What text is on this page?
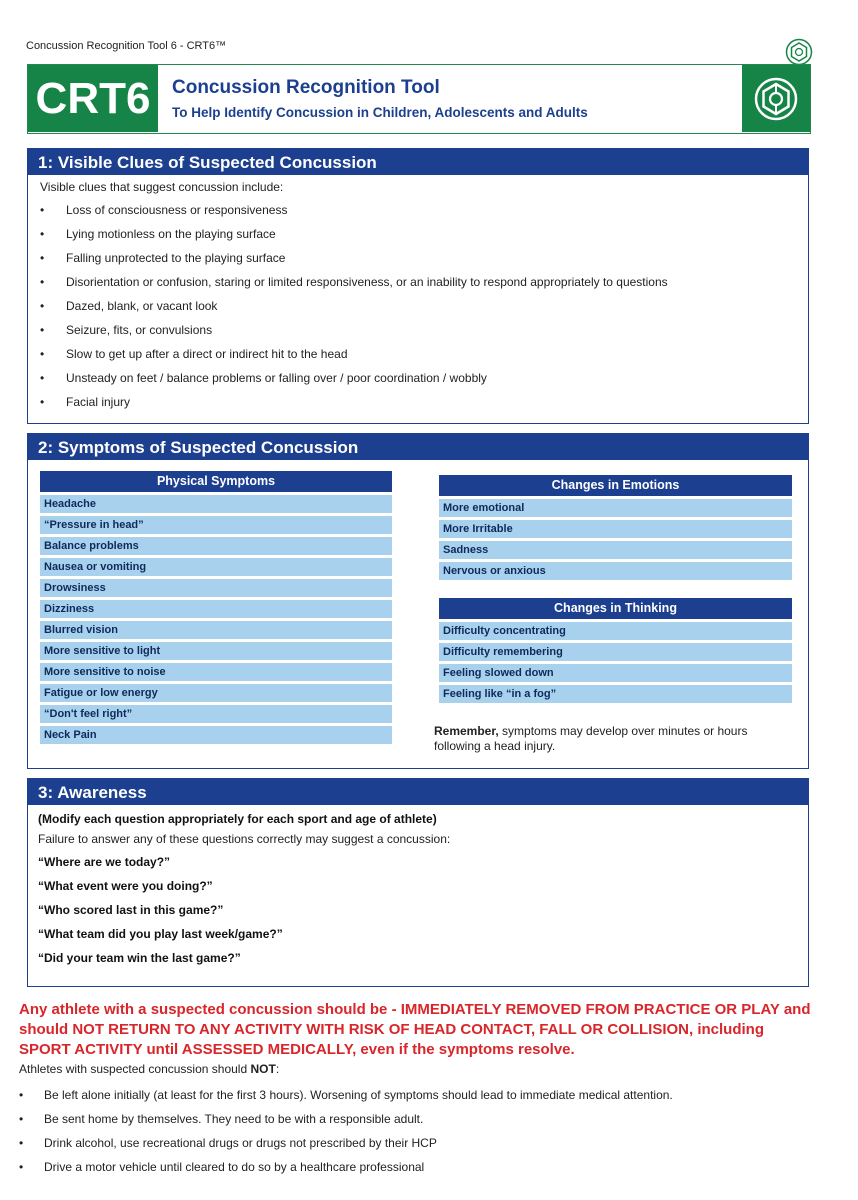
Concussion Recognition Tool 6 - CRT6™
CRT6	Concussion Recognition Tool
To Help Identify Concussion in Children, Adolescents and Adults
1: Visible Clues of Suspected Concussion
Visible clues that suggest concussion include:
• Loss of consciousness or responsiveness
• Lying motionless on the playing surface
• Falling unprotected to the playing surface
• Disorientation or confusion, staring or limited responsiveness, or an inability to respond appropriately to questions
• Dazed, blank, or vacant look
• Seizure, fits, or convulsions
• Slow to get up after a direct or indirect hit to the head
• Unsteady on feet / balance problems or falling over / poor coordination / wobbly
• Facial injury
2: Symptoms of Suspected Concussion
Physical Symptoms
Headache
“Pressure in head”
Balance problems
Nausea or vomiting
Drowsiness
Dizziness
Blurred vision
More sensitive to light
More sensitive to noise
Fatigue or low energy
“Don't feel right”
Neck Pain
Changes in Emotions
More emotional
More Irritable
Sadness
Nervous or anxious
Changes in Thinking
Difficulty concentrating
Difficulty remembering
Feeling slowed down
Feeling like “in a fog”
Remember, symptoms may develop over minutes or hours following a head injury.
3: Awareness
(Modify each question appropriately for each sport and age of athlete)
Failure to answer any of these questions correctly may suggest a concussion:
“Where are we today?”
“What event were you doing?”
“Who scored last in this game?”
“What team did you play last week/game?”
“Did your team win the last game?”
Any athlete with a suspected concussion should be - IMMEDIATELY REMOVED FROM PRACTICE OR PLAY and should NOT RETURN TO ANY ACTIVITY WITH RISK OF HEAD CONTACT, FALL OR COLLISION, including SPORT ACTIVITY until ASSESSED MEDICALLY, even if the symptoms resolve.
Athletes with suspected concussion should NOT:
• Be left alone initially (at least for the first 3 hours). Worsening of symptoms should lead to immediate medical attention.
• Be sent home by themselves. They need to be with a responsible adult.
• Drink alcohol, use recreational drugs or drugs not prescribed by their HCP
• Drive a motor vehicle until cleared to do so by a healthcare professional
